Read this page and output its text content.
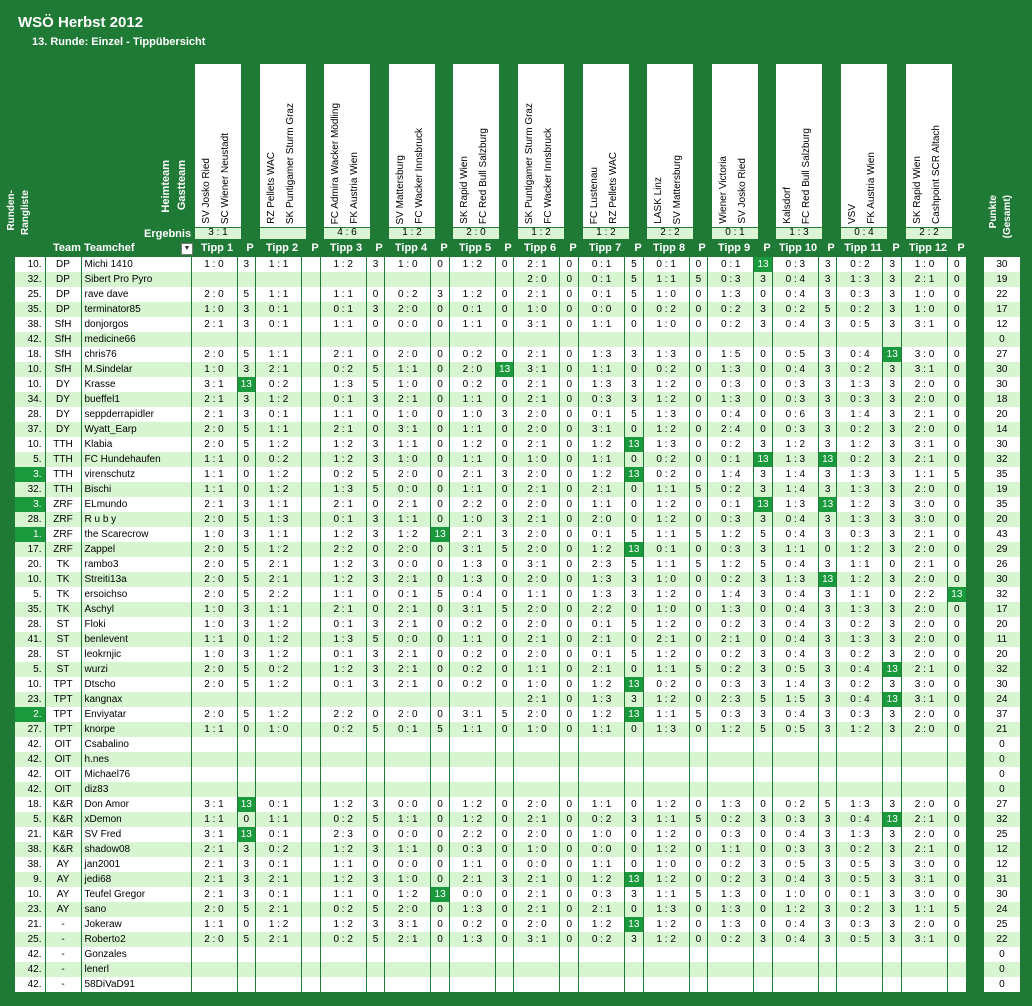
WSÖ Herbst 2012
13. Runde: Einzel - Tippübersicht
Heimteam Gastteam
Ergebnis
Runden- Rangliste	Punkte (Gesamt)
SV Josko Ried SC Wiener Neustadt
3 : 1
Tipp 1	P
RZ Pellets WAC SK Puntigamer Sturm Graz
Tipp 2	P
FC Admira Wacker Mödling FK Austria Wien
4 : 6
Tipp 3	P
SV Mattersburg FC Wacker Innsbruck
1 : 2
Tipp 4	P
SK Rapid Wien FC Red Bull Salzburg
2 : 0
Tipp 5	P
SK Puntigamer Sturm Graz FC Wacker Innsbruck
1 : 2
Tipp 6	P
FC Lustenau RZ Pellets WAC
1 : 2
Tipp 7	P
LASK Linz SV Mattersburg
2 : 2
Tipp 8	P
Wiener Victoria SV Josko Ried
0 : 1
Tipp 9	P
Kalsdorf FC Red Bull Salzburg
1 : 3
Tipp 10 P
VSV FK Austria Wien
0 : 4
Tipp 11 P
SK Rapid Wien Cashpoint SCR Altach
2 : 2
Tipp 12 P
Team Teamchef	▼
10.	DP	Michi 1410	1 : 0	3	1 : 1		1 : 2	3	1 : 0	0	1 : 2	0	2 : 1	0	0 : 1	5	0 : 1	0	0 : 1	13	0 : 3	3	0 : 2	3	1 : 0	0		30
32.	DP	Sibert Pro Pyro											2 : 0	0	0 : 1	5	1 : 1	5	0 : 3	3	0 : 4	3	1 : 3	3	2 : 1	0		19
25.	DP	rave dave	2 : 0	5	1 : 1		1 : 1	0	0 : 2	3	1 : 2	0	2 : 1	0	0 : 1	5	1 : 0	0	1 : 3	0	0 : 4	3	0 : 3	3	1 : 0	0		22
35.	DP	terminator85	1 : 0	3	0 : 1		0 : 1	3	2 : 0	0	0 : 1	0	1 : 0	0	0 : 0	0	0 : 2	0	0 : 2	3	0 : 2	5	0 : 2	3	1 : 0	0		17
38.	SfH	donjorgos	2 : 1	3	0 : 1		1 : 1	0	0 : 0	0	1 : 1	0	3 : 1	0	1 : 1	0	1 : 0	0	0 : 2	3	0 : 4	3	0 : 5	3	3 : 1	0		12
42.	SfH	medicine66																										0
18.	SfH	chris76	2 : 0	5	1 : 1		2 : 1	0	2 : 0	0	0 : 2	0	2 : 1	0	1 : 3	3	1 : 3	0	1 : 5	0	0 : 5	3	0 : 4	13	3 : 0	0		27
10.	SfH	M.Sindelar	1 : 0	3	2 : 1		0 : 2	5	1 : 1	0	2 : 0	13	3 : 1	0	1 : 1	0	0 : 2	0	1 : 3	0	0 : 4	3	0 : 2	3	3 : 1	0		30
10.	DY	Krasse	3 : 1	13	0 : 2		1 : 3	5	1 : 0	0	0 : 2	0	2 : 1	0	1 : 3	3	1 : 2	0	0 : 3	0	0 : 3	3	1 : 3	3	2 : 0	0		30
34.	DY	bueffel1	2 : 1	3	1 : 2		0 : 1	3	2 : 1	0	1 : 1	0	2 : 1	0	0 : 3	3	1 : 2	0	1 : 3	0	0 : 3	3	0 : 3	3	2 : 0	0		18
28.	DY	seppderrapidler	2 : 1	3	0 : 1		1 : 1	0	1 : 0	0	1 : 0	3	2 : 0	0	0 : 1	5	1 : 3	0	0 : 4	0	0 : 6	3	1 : 4	3	2 : 1	0		20
37.	DY	Wyatt_Earp	2 : 0	5	1 : 1		2 : 1	0	3 : 1	0	1 : 1	0	2 : 0	0	3 : 1	0	1 : 2	0	2 : 4	0	0 : 3	3	0 : 2	3	2 : 0	0		14
10.	TTH	Klabia	2 : 0	5	1 : 2		1 : 2	3	1 : 1	0	1 : 2	0	2 : 1	0	1 : 2	13	1 : 3	0	0 : 2	3	1 : 2	3	1 : 2	3	3 : 1	0		30
5.	TTH	FC Hundehaufen	1 : 1	0	0 : 2		1 : 2	3	1 : 0	0	1 : 1	0	1 : 0	0	1 : 1	0	0 : 2	0	0 : 1	13	1 : 3	13	0 : 2	3	2 : 1	0		32
3.	TTH	virenschutz	1 : 1	0	1 : 2		0 : 2	5	2 : 0	0	2 : 1	3	2 : 0	0	1 : 2	13	0 : 2	0	1 : 4	3	1 : 4	3	1 : 3	3	1 : 1	5		35
32.	TTH	Bischi	1 : 1	0	1 : 2		1 : 3	5	0 : 0	0	1 : 1	0	2 : 1	0	2 : 1	0	1 : 1	5	0 : 2	3	1 : 4	3	1 : 3	3	2 : 0	0		19
3.	ZRF	ELmundo	2 : 1	3	1 : 1		2 : 1	0	2 : 1	0	2 : 2	0	2 : 0	0	1 : 1	0	1 : 2	0	0 : 1	13	1 : 3	13	1 : 2	3	3 : 0	0		35
28.	ZRF	R u b y	2 : 0	5	1 : 3		0 : 1	3	1 : 1	0	1 : 0	3	2 : 1	0	2 : 0	0	1 : 2	0	0 : 3	3	0 : 4	3	1 : 3	3	3 : 0	0		20
1.	ZRF	the Scarecrow	1 : 0	3	1 : 1		1 : 2	3	1 : 2	13	2 : 1	3	2 : 0	0	0 : 1	5	1 : 1	5	1 : 2	5	0 : 4	3	0 : 3	3	2 : 1	0		43
17.	ZRF	Zappel	2 : 0	5	1 : 2		2 : 2	0	2 : 0	0	3 : 1	5	2 : 0	0	1 : 2	13	0 : 1	0	0 : 3	3	1 : 1	0	1 : 2	3	2 : 0	0		29
20.	TK	rambo3	2 : 0	5	2 : 1		1 : 2	3	0 : 0	0	1 : 3	0	3 : 1	0	2 : 3	5	1 : 1	5	1 : 2	5	0 : 4	3	1 : 1	0	2 : 1	0		26
10.	TK	Streiti13a	2 : 0	5	2 : 1		1 : 2	3	2 : 1	0	1 : 3	0	2 : 0	0	1 : 3	3	1 : 0	0	0 : 2	3	1 : 3	13	1 : 2	3	2 : 0	0		30
5.	TK	ersoichso	2 : 0	5	2 : 2		1 : 1	0	0 : 1	5	0 : 4	0	1 : 1	0	1 : 3	3	1 : 2	0	1 : 4	3	0 : 4	3	1 : 1	0	2 : 2	13		32
35.	TK	Aschyl	1 : 0	3	1 : 1		2 : 1	0	2 : 1	0	3 : 1	5	2 : 0	0	2 : 2	0	1 : 0	0	1 : 3	0	0 : 4	3	1 : 3	3	2 : 0	0		17
28.	ST	Floki	1 : 0	3	1 : 2		0 : 1	3	2 : 1	0	0 : 2	0	2 : 0	0	0 : 1	5	1 : 2	0	0 : 2	3	0 : 4	3	0 : 2	3	2 : 0	0		20
41.	ST	benlevent	1 : 1	0	1 : 2		1 : 3	5	0 : 0	0	1 : 1	0	2 : 1	0	2 : 1	0	2 : 1	0	2 : 1	0	0 : 4	3	1 : 3	3	2 : 0	0		11
28.	ST	leokrnjic	1 : 0	3	1 : 2		0 : 1	3	2 : 1	0	0 : 2	0	2 : 0	0	0 : 1	5	1 : 2	0	0 : 2	3	0 : 4	3	0 : 2	3	2 : 0	0		20
5.	ST	wurzi	2 : 0	5	0 : 2		1 : 2	3	2 : 1	0	0 : 2	0	1 : 1	0	2 : 1	0	1 : 1	5	0 : 2	3	0 : 5	3	0 : 4	13	2 : 1	0		32
10.	TPT	Dtscho	2 : 0	5	1 : 2		0 : 1	3	2 : 1	0	0 : 2	0	1 : 0	0	1 : 2	13	0 : 2	0	0 : 3	3	1 : 4	3	0 : 2	3	3 : 0	0		30
23.	TPT	kangnax											2 : 1	0	1 : 3	3	1 : 2	0	2 : 3	5	1 : 5	3	0 : 4	13	3 : 1	0		24
2.	TPT	Enviyatar	2 : 0	5	1 : 2		2 : 2	0	2 : 0	0	3 : 1	5	2 : 0	0	1 : 2	13	1 : 1	5	0 : 3	3	0 : 4	3	0 : 3	3	2 : 0	0		37
27.	TPT	knorpe	1 : 1	0	1 : 0		0 : 2	5	0 : 1	5	1 : 1	0	1 : 0	0	1 : 1	0	1 : 3	0	1 : 2	5	0 : 5	3	1 : 2	3	2 : 0	0		21
42.	OIT	Csabalino																										0
42.	OIT	h.nes																										0
42.	OIT	Michael76																										0
42.	OIT	diz83																										0
18.	K&R	Don Amor	3 : 1	13	0 : 1		1 : 2	3	0 : 0	0	1 : 2	0	2 : 0	0	1 : 1	0	1 : 2	0	1 : 3	0	0 : 2	5	1 : 3	3	2 : 0	0		27
5.	K&R	xDemon	1 : 1	0	1 : 1		0 : 2	5	1 : 1	0	1 : 2	0	2 : 1	0	0 : 2	3	1 : 1	5	0 : 2	3	0 : 3	3	0 : 4	13	2 : 1	0		32
21.	K&R	SV Fred	3 : 1	13	0 : 1		2 : 3	0	0 : 0	0	2 : 2	0	2 : 0	0	1 : 0	0	1 : 2	0	0 : 3	0	0 : 4	3	1 : 3	3	2 : 0	0		25
38.	K&R	shadow08	2 : 1	3	0 : 2		1 : 2	3	1 : 1	0	0 : 3	0	1 : 0	0	0 : 0	0	1 : 2	0	1 : 1	0	0 : 3	3	0 : 2	3	2 : 1	0		12
38.	AY	jan2001	2 : 1	3	0 : 1		1 : 1	0	0 : 0	0	1 : 1	0	0 : 0	0	1 : 1	0	1 : 0	0	0 : 2	3	0 : 5	3	0 : 5	3	3 : 0	0		12
9.	AY	jedi68	2 : 1	3	2 : 1		1 : 2	3	1 : 0	0	2 : 1	3	2 : 1	0	1 : 2	13	1 : 2	0	0 : 2	3	0 : 4	3	0 : 5	3	3 : 1	0		31
10.	AY	Teufel Gregor	2 : 1	3	0 : 1		1 : 1	0	1 : 2	13	0 : 0	0	2 : 1	0	0 : 3	3	1 : 1	5	1 : 3	0	1 : 0	0	0 : 1	3	3 : 0	0		30
23.	AY	sano	2 : 0	5	2 : 1		0 : 2	5	2 : 0	0	1 : 3	0	2 : 1	0	2 : 1	0	1 : 3	0	1 : 3	0	1 : 2	3	0 : 2	3	1 : 1	5		24
21.	-	Jokeraw	1 : 1	0	1 : 2		1 : 2	3	3 : 1	0	0 : 2	0	2 : 0	0	1 : 2	13	1 : 2	0	1 : 3	0	0 : 4	3	0 : 3	3	2 : 0	0		25
25.	-	Roberto2	2 : 0	5	2 : 1		0 : 2	5	2 : 1	0	1 : 3	0	3 : 1	0	0 : 2	3	1 : 2	0	0 : 2	3	0 : 4	3	0 : 5	3	3 : 1	0		22
42.	-	Gonzales																										0
42.	-	lenerl																										0
42.	-	58DiVaD91																										0
